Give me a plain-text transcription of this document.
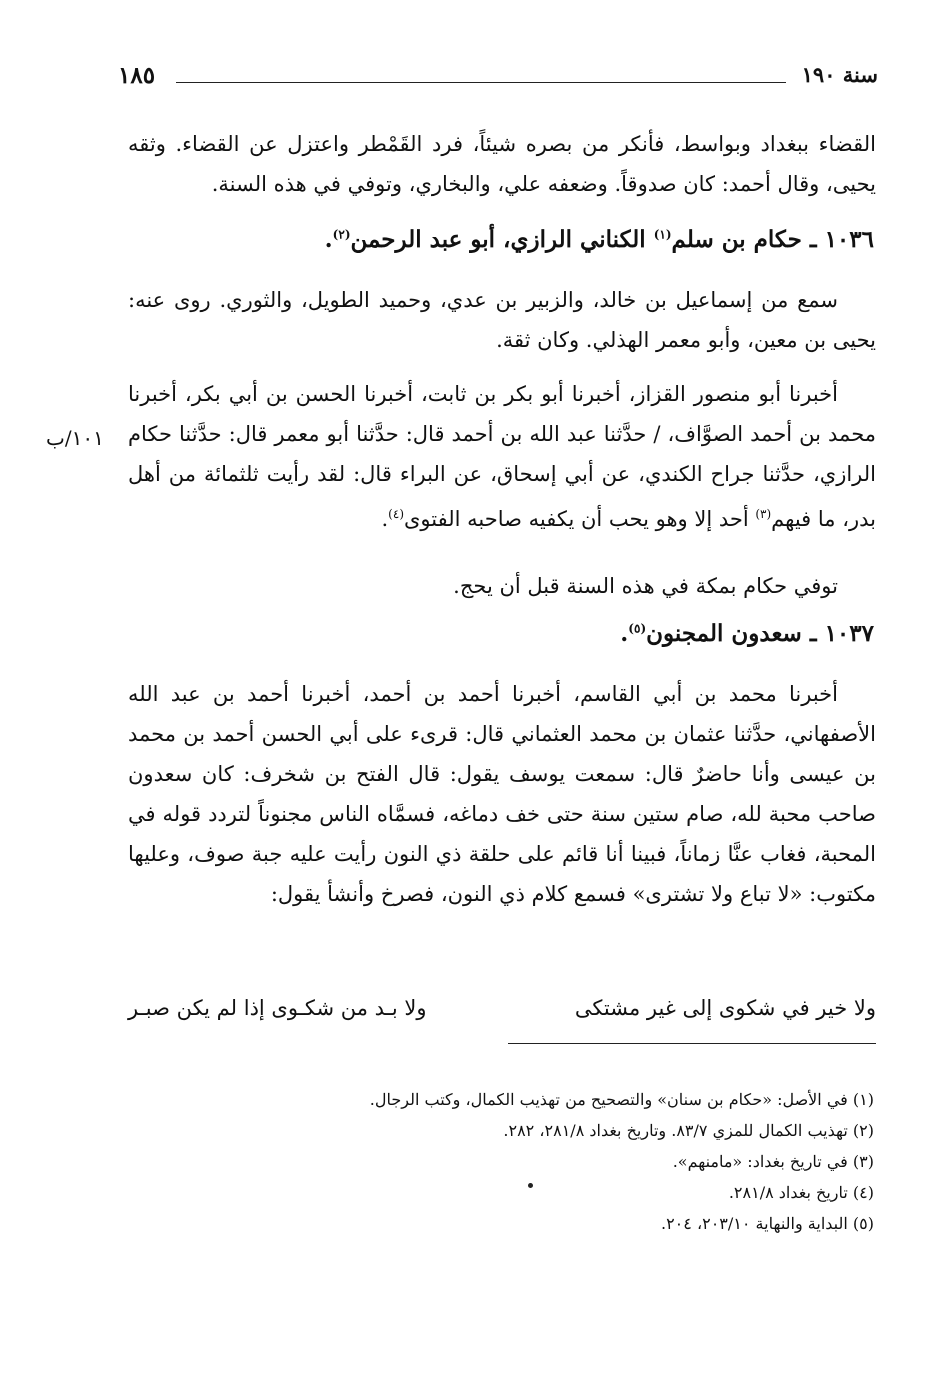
سنة ١٩٠
١٨٥
القضاء ببغداد وبواسط، فأنكر من بصره شيئاً، فرد القَمْطر واعتزل عن القضاء. وثقه يحيى، وقال أحمد: كان صدوقاً. وضعفه علي، والبخاري، وتوفي في هذه السنة.
١٠٣٦ ـ حكام بن سلم$^{(١)}$ الكناني الرازي، أبو عبد الرحمن$^{(٢)}$.
سمع من إسماعيل بن خالد، والزبير بن عدي، وحميد الطويل، والثوري. روى عنه: يحيى بن معين، وأبو معمر الهذلي. وكان ثقة.
أخبرنا أبو منصور القزاز، أخبرنا أبو بكر بن ثابت، أخبرنا الحسن بن أبي بكر، أخبرنا محمد بن أحمد الصوَّاف، / حدَّثنا عبد الله بن أحمد قال: حدَّثنا أبو معمر قال: حدَّثنا حكام الرازي، حدَّثنا جراح الكندي، عن أبي إسحاق، عن البراء قال: لقد رأيت ثلثمائة من أهل بدر، ما فيهم$^{(٣)}$ أحد إلا وهو يحب أن يكفيه صاحبه الفتوى$^{(٤)}$.
١٠١/ب
توفي حكام بمكة في هذه السنة قبل أن يحج.
١٠٣٧ ـ سعدون المجنون$^{(٥)}$.
أخبرنا محمد بن أبي القاسم، أخبرنا أحمد بن أحمد، أخبرنا أحمد بن عبد الله الأصفهاني، حدَّثنا عثمان بن محمد العثماني قال: قرىء على أبي الحسن أحمد بن محمد بن عيسى وأنا حاضرٌ قال: سمعت يوسف يقول: قال الفتح بن شخرف: كان سعدون صاحب محبة لله، صام ستين سنة حتى خف دماغه، فسمَّاه الناس مجنوناً لتردد قوله في المحبة، فغاب عنَّا زماناً، فبينا أنا قائم على حلقة ذي النون رأيت عليه جبة صوف، وعليها مكتوب: «لا تباع ولا تشترى» فسمع كلام ذي النون، فصرخ وأنشأ يقول:
ولا خير في شكوى إلى غير مشتكى
ولا بـد من شكـوى إذا لم يكن صبـر
(١) في الأصل: «حكام بن سنان» والتصحيح من تهذيب الكمال، وكتب الرجال.
(٢) تهذيب الكمال للمزي ٨٣/٧. وتاريخ بغداد ٢٨١/٨، ٢٨٢.
(٣) في تاريخ بغداد: «مامنهم».
(٤) تاريخ بغداد ٢٨١/٨.
(٥) البداية والنهاية ٢٠٣/١٠، ٢٠٤.
